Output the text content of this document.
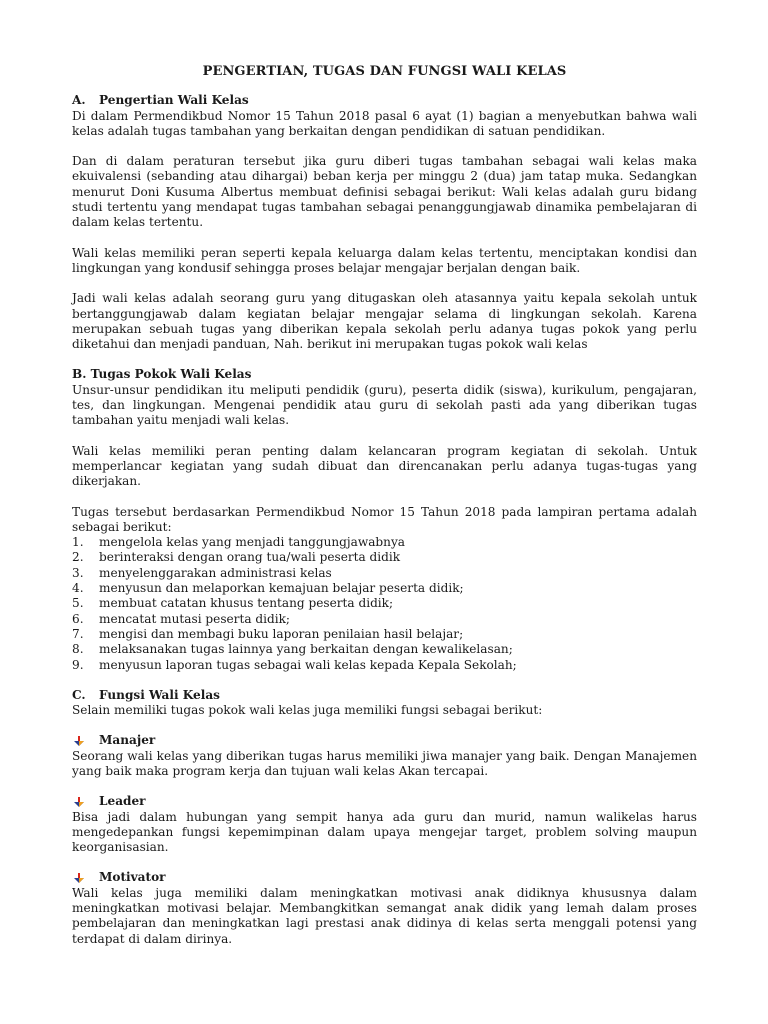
PENGERTIAN, TUGAS DAN FUNGSI WALI KELAS
A. Pengertian Wali Kelas

Di dalam Permendikbud Nomor 15 Tahun 2018 pasal 6 ayat (1) bagian a menyebutkan bahwa wali kelas adalah tugas tambahan yang berkaitan dengan pendidikan di satuan pendidikan.

Dan di dalam peraturan tersebut jika guru diberi tugas tambahan sebagai wali kelas maka ekuivalensi (sebanding atau dihargai) beban kerja per minggu 2 (dua) jam tatap muka. Sedangkan menurut Doni Kusuma Albertus membuat definisi sebagai berikut: Wali kelas adalah guru bidang studi tertentu yang mendapat tugas tambahan sebagai penanggungjawab dinamika pembelajaran di dalam kelas tertentu.

Wali kelas memiliki peran seperti kepala keluarga dalam kelas tertentu, menciptakan kondisi dan lingkungan yang kondusif sehingga proses belajar mengajar berjalan dengan baik.

Jadi wali kelas adalah seorang guru yang ditugaskan oleh atasannya yaitu kepala sekolah untuk bertanggungjawab dalam kegiatan belajar mengajar selama di lingkungan sekolah. Karena merupakan sebuah tugas yang diberikan kepala sekolah perlu adanya tugas pokok yang perlu diketahui dan menjadi panduan, Nah. berikut ini merupakan tugas pokok wali kelas

B. Tugas Pokok Wali Kelas

Unsur-unsur pendidikan itu meliputi pendidik (guru), peserta didik (siswa), kurikulum, pengajaran, tes, dan lingkungan. Mengenai pendidik atau guru di sekolah pasti ada yang diberikan tugas tambahan yaitu menjadi wali kelas.

Wali kelas memiliki peran penting dalam kelancaran program kegiatan di sekolah. Untuk memperlancar kegiatan yang sudah dibuat dan direncanakan perlu adanya tugas-tugas yang dikerjakan.

Tugas tersebut berdasarkan Permendikbud Nomor 15 Tahun 2018 pada lampiran pertama adalah sebagai berikut:

1. mengelola kelas yang menjadi tanggungjawabnya
2. berinteraksi dengan orang tua/wali peserta didik
3. menyelenggarakan administrasi kelas
4. menyusun dan melaporkan kemajuan belajar peserta didik;
5. membuat catatan khusus tentang peserta didik;
6. mencatat mutasi peserta didik;
7. mengisi dan membagi buku laporan penilaian hasil belajar;
8. melaksanakan tugas lainnya yang berkaitan dengan kewalikelasan;
9. menyusun laporan tugas sebagai wali kelas kepada Kepala Sekolah;
C. Fungsi Wali Kelas

Selain memiliki tugas pokok wali kelas juga memiliki fungsi sebagai berikut:

Manajer

Seorang wali kelas yang diberikan tugas harus memiliki jiwa manajer yang baik. Dengan Manajemen yang baik maka program kerja dan tujuan wali kelas Akan tercapai.

Leader

Bisa jadi dalam hubungan yang sempit hanya ada guru dan murid, namun walikelas harus mengedepankan fungsi kepemimpinan dalam upaya mengejar target, problem solving maupun keorganisasian.

Motivator

Wali kelas juga memiliki dalam meningkatkan motivasi anak didiknya khususnya dalam meningkatkan motivasi belajar. Membangkitkan semangat anak didik yang lemah dalam proses pembelajaran dan meningkatkan lagi prestasi anak didinya di kelas serta menggali potensi yang terdapat di dalam dirinya.
